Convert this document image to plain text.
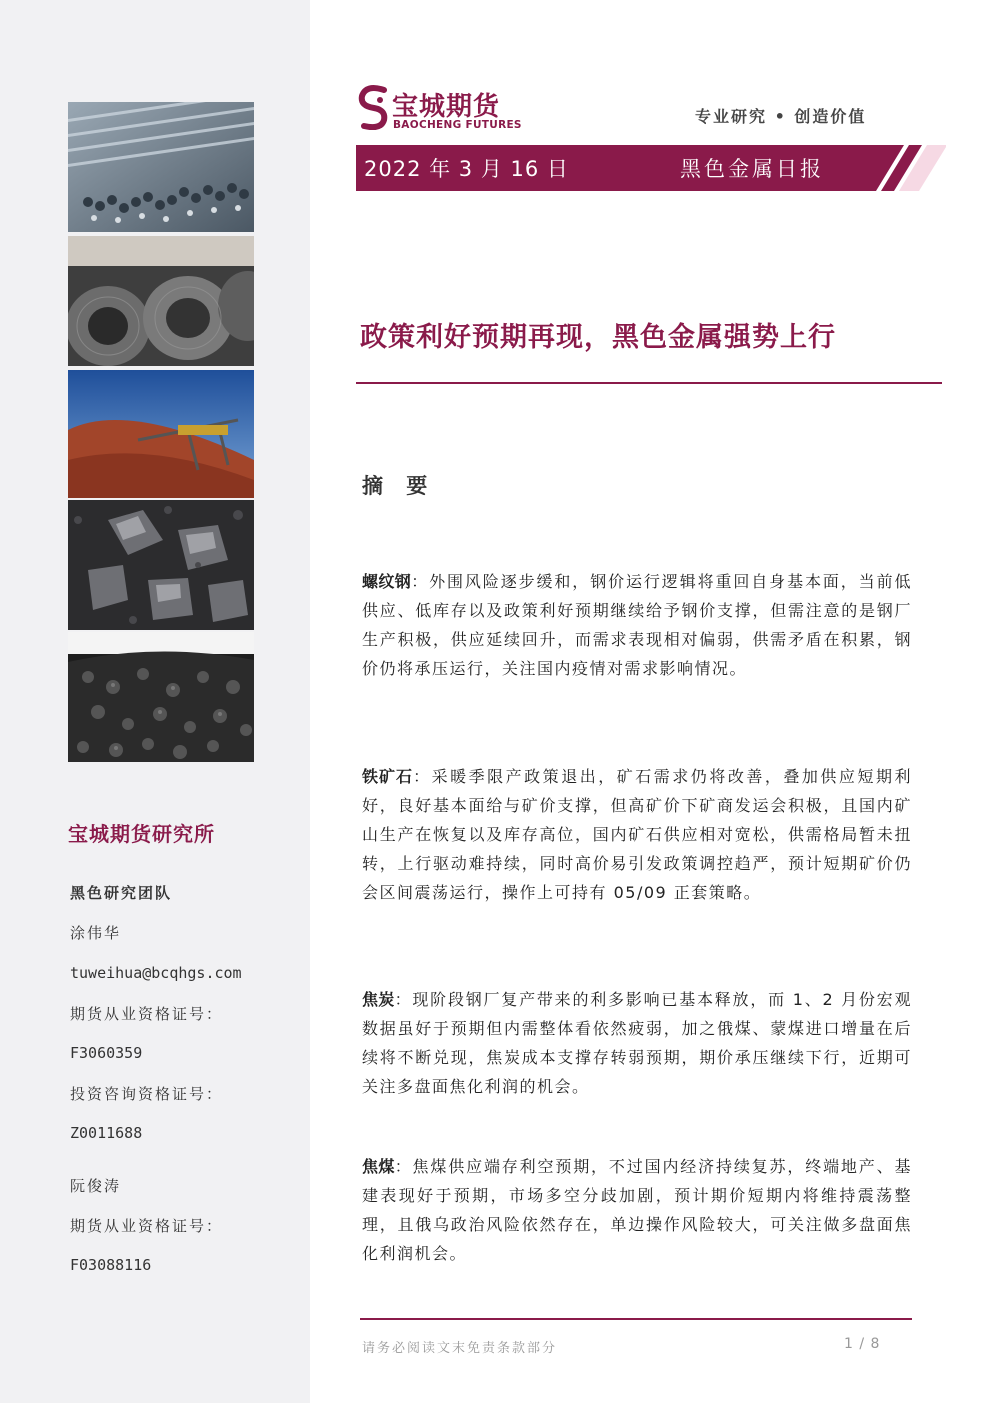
宝城期货研究所
黑色研究团队
涂伟华
tuweihua@bcqhgs.com
期货从业资格证号：
F3060359
投资咨询资格证号：
Z0011688
阮俊涛
期货从业资格证号：
F03088116
宝城期货
BAOCHENG FUTURES	专业研究 • 创造价值
2022 年 3 月 16 日	黑色金属日报
政策利好预期再现，黑色金属强势上行
摘 要
螺纹钢：外围风险逐步缓和，钢价运行逻辑将重回自身基本面，当前低供应、低库存以及政策利好预期继续给予钢价支撑，但需注意的是钢厂生产积极，供应延续回升，而需求表现相对偏弱，供需矛盾在积累，钢价仍将承压运行，关注国内疫情对需求影响情况。
铁矿石：采暖季限产政策退出，矿石需求仍将改善，叠加供应短期利好，良好基本面给与矿价支撑，但高矿价下矿商发运会积极，且国内矿山生产在恢复以及库存高位，国内矿石供应相对宽松，供需格局暂未扭转，上行驱动难持续，同时高价易引发政策调控趋严，预计短期矿价仍会区间震荡运行，操作上可持有 05/09 正套策略。
焦炭：现阶段钢厂复产带来的利多影响已基本释放，而 1、2 月份宏观数据虽好于预期但内需整体看依然疲弱，加之俄煤、蒙煤进口增量在后续将不断兑现，焦炭成本支撑存转弱预期，期价承压继续下行，近期可关注多盘面焦化利润的机会。
焦煤：焦煤供应端存利空预期，不过国内经济持续复苏，终端地产、基建表现好于预期，市场多空分歧加剧，预计期价短期内将维持震荡整理，且俄乌政治风险依然存在，单边操作风险较大，可关注做多盘面焦化利润机会。
请务必阅读文末免责条款部分	1 / 8
